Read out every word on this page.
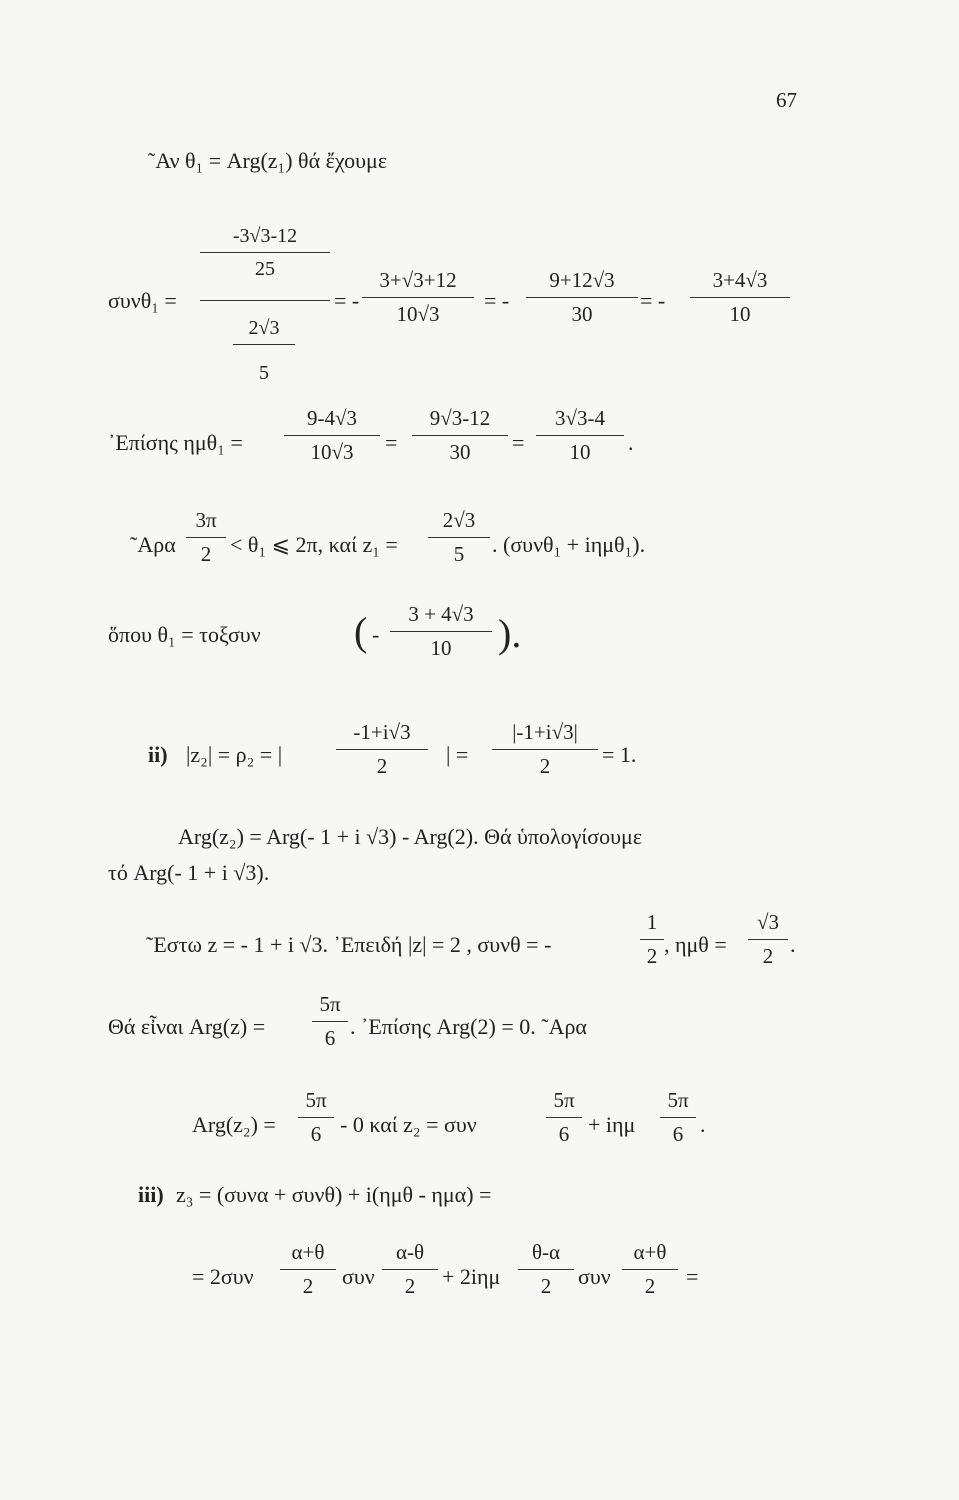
67
˜Αν θ₁ = Arg(z₁) θά ἔχουμε
συνθ₁ =
$\frac{-3√3-12}{25}$
$\frac{2√3}{5}$
= - $\frac{3+√3+12}{10√3}$ = - $\frac{9+12√3}{30}$ = - $\frac{3+4√3}{10}$
᾿Επίσης $\eta\mu\theta_1 = \frac{9-4√3}{10√3} = \frac{9√3-12}{30} = \frac{3√3-4}{10}$ .
˜Αρα $\frac{3\pi}{2} < \theta_1$ ⩽ 2π, καί $z_1 = \frac{2√3}{5}$ . (συνθ₁ + iημθ₁).
ὅπου θ₁ = τοξσυν ( - $\frac{3 + 4√3}{10}$ ).
ii) |z₂| = ρ₂ = |	$\frac{-1+i√3}{2}$ | = $\frac{|-1+i√3|}{2} = 1$.
Arg(z₂) = Arg(- 1 + i √3) - Arg(2). Θά ὑπολογίσουμε
τό Arg(- 1 + i √3).
˜Εστω z = - 1 + i √3. ᾿Επειδή |z| = 2 , συνθ = -	$\frac{1}{2}$ , $\eta\mu\theta = \frac{√3}{2}$ .
Θά εἶναι $Arg(z) = \frac{5\pi}{6}$ . ᾿Επίσης Arg(2) = 0. ˜Αρα
$Arg(z_2) = \frac{5\pi}{6} - 0$ καί z₂ = συν	$\frac{5\pi}{6} + i\eta\mu \frac{5\pi}{6}$ .
iii) z₃ = (συνα + συνθ) + i(ημθ - ημα) =
= $2\sigma\upsilon\nu \frac{\alpha+\theta}{2}$ συν $\frac{\alpha-\theta}{2} + 2i\eta\mu \frac{\theta-\alpha}{2}$ συν $\frac{\alpha+\theta}{2}$ =
